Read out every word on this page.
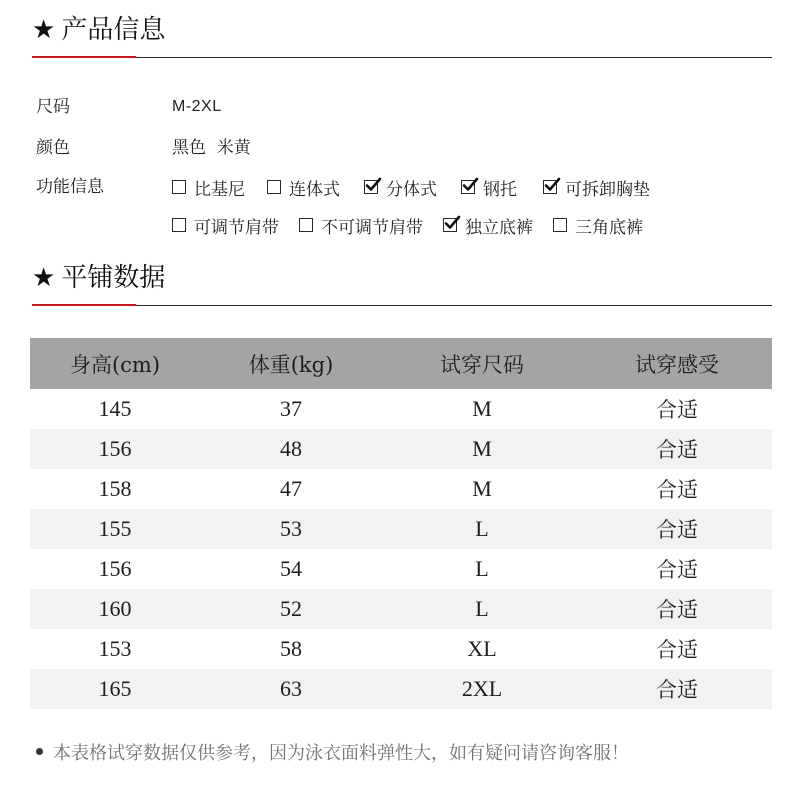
★ 产品信息
尺码	M-2XL
颜色	黑色  米黄
功能信息	比基尼	连体式	分体式	钢托	可拆卸胸垫
可调节肩带 不可调节肩带 独立底裤 三角底裤
★ 平铺数据
身高(cm)	体重(kg)	试穿尺码	试穿感受
145	37	M	合适
156	48	M	合适
158	47	M	合适
155	53	L	合适
156	54	L	合适
160	52	L	合适
153	58	XL	合适
165	63	2XL	合适
本表格试穿数据仅供参考，因为泳衣面料弹性大，如有疑问请咨询客服！
